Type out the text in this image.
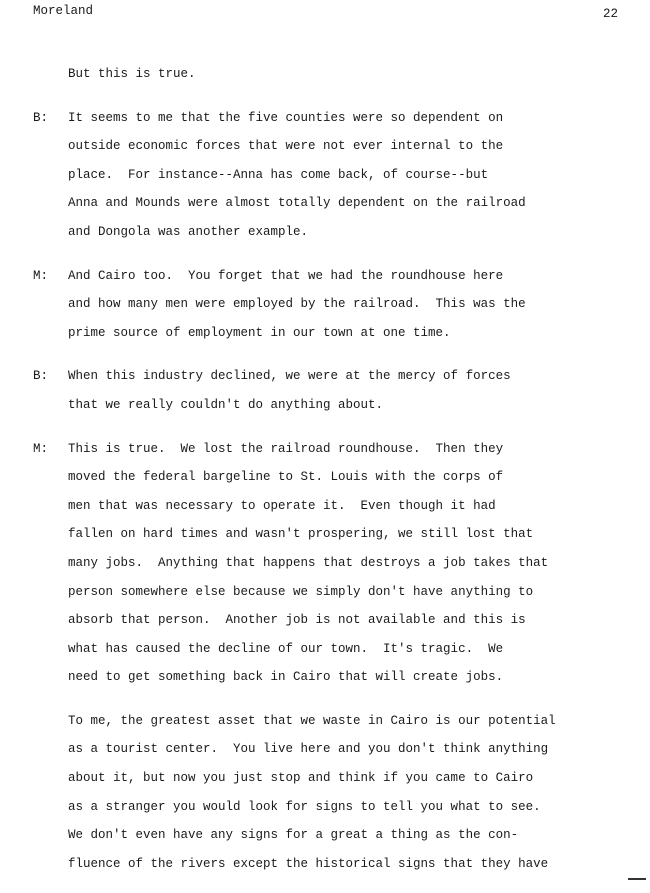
Moreland	22
But this is true.
B: It seems to me that the five counties were so dependent on
outside economic forces that were not ever internal to the
place.  For instance--Anna has come back, of course--but
Anna and Mounds were almost totally dependent on the railroad
and Dongola was another example.
M: And Cairo too.  You forget that we had the roundhouse here
and how many men were employed by the railroad.  This was the
prime source of employment in our town at one time.
B: When this industry declined, we were at the mercy of forces
that we really couldn't do anything about.
M: This is true.  We lost the railroad roundhouse.  Then they
moved the federal bargeline to St. Louis with the corps of
men that was necessary to operate it.  Even though it had
fallen on hard times and wasn't prospering, we still lost that
many jobs.  Anything that happens that destroys a job takes that
person somewhere else because we simply don't have anything to
absorb that person.  Another job is not available and this is
what has caused the decline of our town.  It's tragic.  We
need to get something back in Cairo that will create jobs.
To me, the greatest asset that we waste in Cairo is our potential
as a tourist center.  You live here and you don't think anything
about it, but now you just stop and think if you came to Cairo
as a stranger you would look for signs to tell you what to see.
We don't even have any signs for a great a thing as the con-
fluence of the rivers except the historical signs that they have
